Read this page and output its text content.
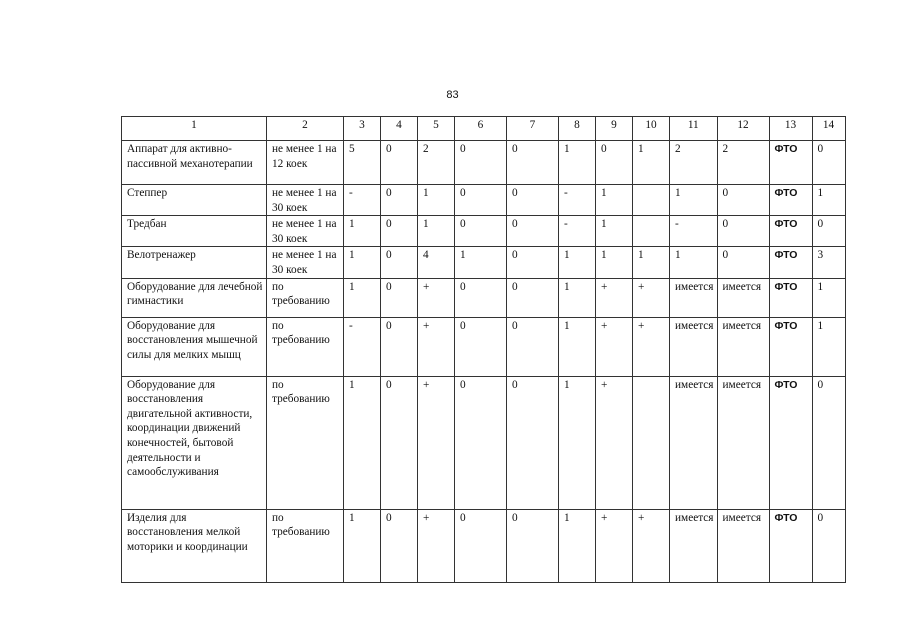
83
1	2	3	4	5	6	7	8	9	10	11	12	13	14
Аппарат для активно-пассивной механотерапии	не менее 1 на 12 коек	5	0	2	0	0	1	0	1	2	2	ФТО	0
Степпер	не менее 1 на 30 коек	-	0	1	0	0	-	1		1	0	ФТО	1
Тредбан	не менее 1 на 30 коек	1	0	1	0	0	-	1		-	0	ФТО	0
Велотренажер	не менее 1 на 30 коек	1	0	4	1	0	1	1	1	1	0	ФТО	3
Оборудование для лечебной гимнастики	по требованию	1	0	+	0	0	1	+	+	имеется	имеется	ФТО	1
Оборудование для восстановления мышечной силы для мелких мышц	по требованию	-	0	+	0	0	1	+	+	имеется	имеется	ФТО	1
Оборудование для восстановления двигательной активности, координации движений конечностей, бытовой деятельности и самообслуживания	по требованию	1	0	+	0	0	1	+		имеется	имеется	ФТО	0
Изделия для восстановления мелкой моторики и координации	по требованию	1	0	+	0	0	1	+	+	имеется	имеется	ФТО	0
